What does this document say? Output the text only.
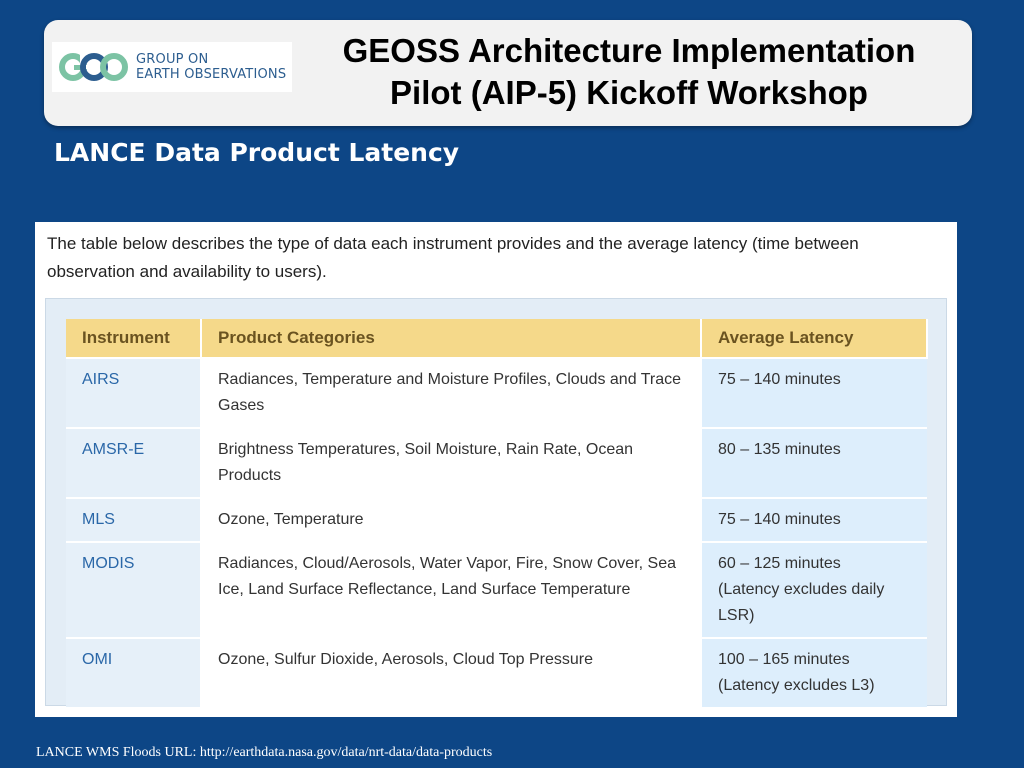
GROUP ON
EARTH OBSERVATIONS
GEOSS Architecture Implementation
Pilot (AIP-5) Kickoff Workshop
LANCE Data Product Latency
The table below describes the type of data each instrument provides and the average latency (time between observation and availability to users).
Instrument	Product Categories	Average Latency
AIRS	Radiances, Temperature and Moisture Profiles, Clouds and Trace Gases	75 – 140 minutes

AMSR-E	Brightness Temperatures, Soil Moisture, Rain Rate, Ocean Products	80 – 135 minutes

MLS	Ozone, Temperature	75 – 140 minutes

MODIS	Radiances, Cloud/Aerosols, Water Vapor, Fire, Snow Cover, Sea Ice, Land Surface Reflectance, Land Surface Temperature	60 – 125 minutes
(Latency excludes daily LSR)

OMI	Ozone, Sulfur Dioxide, Aerosols, Cloud Top Pressure	100 – 165 minutes
(Latency excludes L3)
LANCE WMS Floods URL: http://earthdata.nasa.gov/data/nrt-data/data-products
